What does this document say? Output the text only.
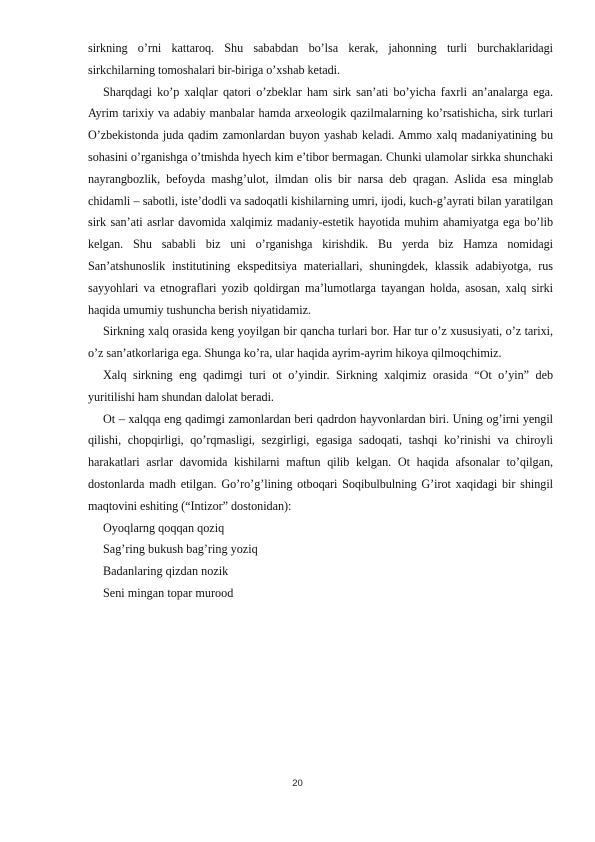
sirkning o’rni kattaroq. Shu sababdan bo’lsa kerak, jahonning turli burchaklaridagi sirkchilarning tomoshalari bir-biriga o’xshab ketadi.

Sharqdagi ko’p xalqlar qatori o’zbeklar ham sirk san’ati bo’yicha faxrli an’analarga ega. Ayrim tarixiy va adabiy manbalar hamda arxeologik qazilmalarning ko’rsatishicha, sirk turlari O’zbekistonda juda qadim zamonlardan buyon yashab keladi. Ammo xalq madaniyatining bu sohasini o’rganishga o’tmishda hyech kim e’tibor bermagan. Chunki ulamolar sirkka shunchaki nayrangbozlik, befoyda mashg’ulot, ilmdan olis bir narsa deb qragan. Aslida esa minglab chidamli – sabotli, iste’dodli va sadoqatli kishilarning umri, ijodi, kuch-g’ayrati bilan yaratilgan sirk san’ati asrlar davomida xalqimiz madaniy-estetik hayotida muhim ahamiyatga ega bo’lib kelgan. Shu sababli biz uni o’rganishga kirishdik. Bu yerda biz Hamza nomidagi San’atshunoslik institutining ekspeditsiya materiallari, shuningdek, klassik adabiyotga, rus sayyohlari va etnograflari yozib qoldirgan ma’lumotlarga tayangan holda, asosan, xalq sirki haqida umumiy tushuncha berish niyatidamiz.

Sirkning xalq orasida keng yoyilgan bir qancha turlari bor. Har tur o’z xususiyati, o’z tarixi, o’z san’atkorlariga ega. Shunga ko’ra, ular haqida ayrim-ayrim hikoya qilmoqchimiz.

Xalq sirkning eng qadimgi turi ot o’yindir. Sirkning xalqimiz orasida “Ot o’yin” deb yuritilishi ham shundan dalolat beradi.

Ot – xalqqa eng qadimgi zamonlardan beri qadrdon hayvonlardan biri. Uning og’irni yengil qilishi, chopqirligi, qo’rqmasligi, sezgirligi, egasiga sadoqati, tashqi ko’rinishi va chiroyli harakatlari asrlar davomida kishilarni maftun qilib kelgan. Ot haqida afsonalar to’qilgan, dostonlarda madh etilgan. Go’ro’g’lining otboqari Soqibulbulning G’irot xaqidagi bir shingil maqtovini eshiting (“Intizor” dostonidan):

Oyoqlarng qoqqan qoziq

Sag’ring bukush bag’ring yoziq

Badanlaring qizdan nozik

Seni mingan topar murood

20
